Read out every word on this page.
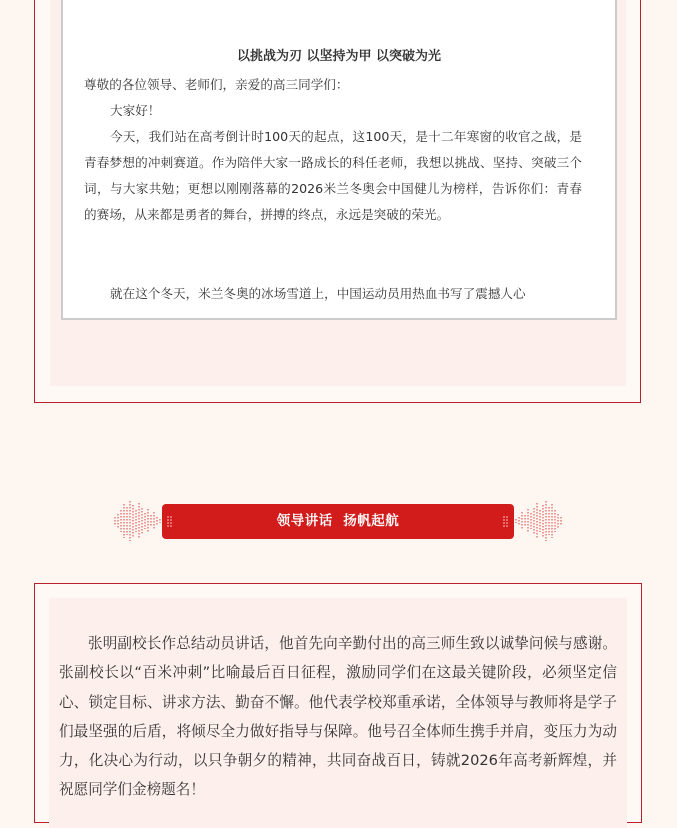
以挑战为刃 以坚持为甲 以突破为光

尊敬的各位领导、老师们，亲爱的高三同学们：

大家好！

今天，我们站在高考倒计时100天的起点，这100天，是十二年寒窗的收官之战，是青春梦想的冲刺赛道。作为陪伴大家一路成长的科任老师，我想以挑战、坚持、突破三个词，与大家共勉；更想以刚刚落幕的2026米兰冬奥会中国健儿为榜样，告诉你们：青春的赛场，从来都是勇者的舞台，拼搏的终点，永远是突破的荣光。

就在这个冬天，米兰冬奥的冰场雪道上，中国运动员用热血书写了震撼人心

领导讲话  扬帆起航

张明副校长作总结动员讲话，他首先向辛勤付出的高三师生致以诚挚问候与感谢。张副校长以“百米冲刺”比喻最后百日征程，激励同学们在这最关键阶段，必须坚定信心、锁定目标、讲求方法、勤奋不懈。他代表学校郑重承诺，全体领导与教师将是学子们最坚强的后盾，将倾尽全力做好指导与保障。他号召全体师生携手并肩，变压力为动力，化决心为行动，以只争朝夕的精神，共同奋战百日，铸就2026年高考新辉煌，并祝愿同学们金榜题名！
